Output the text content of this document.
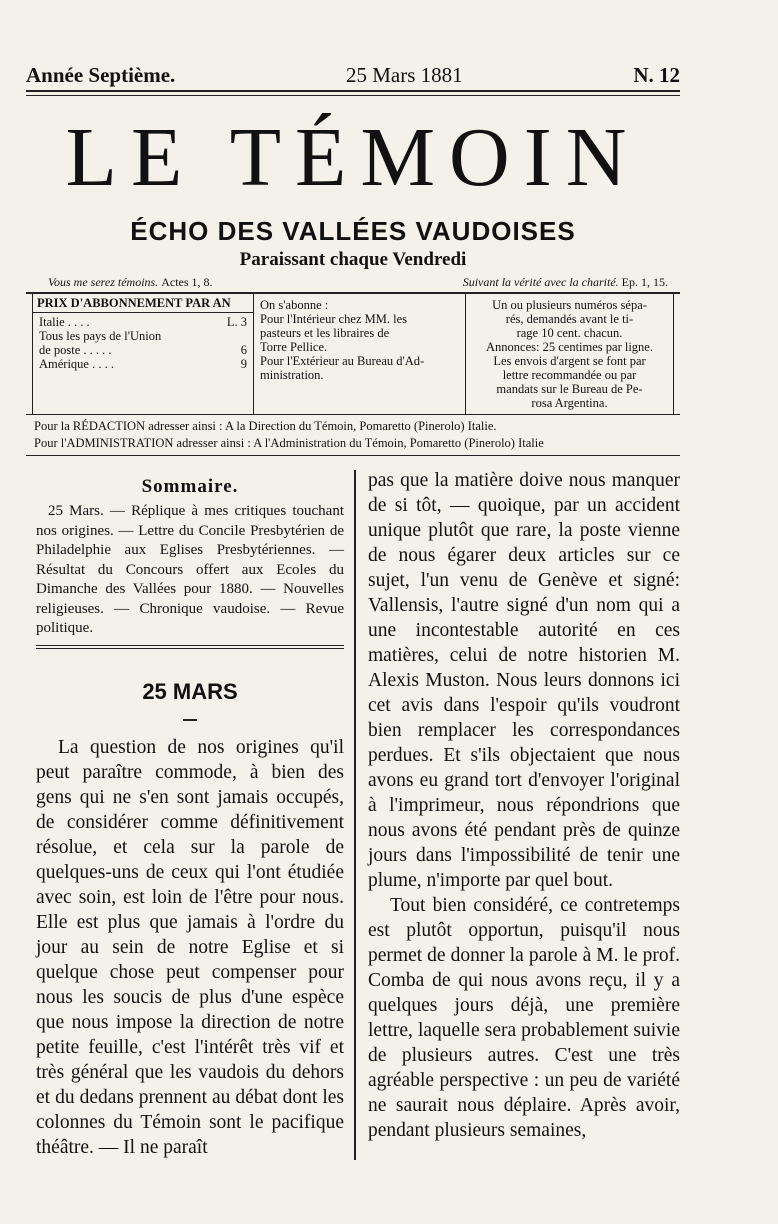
Année Septième.	25 Mars 1881	N. 12
LE TÉMOIN
ÉCHO DES VALLÉES VAUDOISES
Paraissant chaque Vendredi
Vous me serez témoins. Actes 1, 8.	Suivant la vérité avec la charité. Ep. 1, 15.
PRIX D'ABBONNEMENT PAR AN
Italie . . . .	L. 3
Tous les pays de l'Union
de poste . . . . .	6
Amérique . . . .	9
On s'abonne :
Pour l'Intérieur chez MM. les
pasteurs et les libraires de
Torre Pellice.
Pour l'Extérieur au Bureau d'Ad-
ministration.
Un ou plusieurs numéros sépa-
rés, demandés avant le ti-
rage 10 cent. chacun.
Annonces: 25 centimes par ligne.
Les envois d'argent se font par
lettre recommandée ou par
mandats sur le Bureau de Pe-
rosa Argentina.
Pour la RÉDACTION adresser ainsi : A la Direction du Témoin, Pomaretto (Pinerolo) Italie.
Pour l'ADMINISTRATION adresser ainsi : A l'Administration du Témoin, Pomaretto (Pinerolo) Italie
Sommaire.

25 Mars. — Réplique à mes critiques touchant nos origines. — Lettre du Concile Presbytérien de Philadelphie aux Eglises Presbytériennes. — Résultat du Concours offert aux Ecoles du Dimanche des Vallées pour 1880. — Nouvelles religieuses. — Chronique vaudoise. — Revue politique.

25 MARS

La question de nos origines qu'il peut paraître commode, à bien des gens qui ne s'en sont jamais occupés, de considérer comme définitivement résolue, et cela sur la parole de quelques-uns de ceux qui l'ont étudiée avec soin, est loin de l'être pour nous. Elle est plus que jamais à l'ordre du jour au sein de notre Eglise et si quelque chose peut compenser pour nous les soucis de plus d'une espèce que nous impose la direction de notre petite feuille, c'est l'intérêt très vif et très général que les vaudois du dehors et du dedans prennent au débat dont les colonnes du Témoin sont le pacifique théâtre. — Il ne paraît

pas que la matière doive nous manquer de si tôt, — quoique, par un accident unique plutôt que rare, la poste vienne de nous égarer deux articles sur ce sujet, l'un venu de Genève et signé: Vallensis, l'autre signé d'un nom qui a une incontestable autorité en ces matières, celui de notre historien M. Alexis Muston. Nous leurs donnons ici cet avis dans l'espoir qu'ils voudront bien remplacer les correspondances perdues. Et s'ils objectaient que nous avons eu grand tort d'envoyer l'original à l'imprimeur, nous répondrions que nous avons été pendant près de quinze jours dans l'impossibilité de tenir une plume, n'importe par quel bout.

Tout bien considéré, ce contretemps est plutôt opportun, puisqu'il nous permet de donner la parole à M. le prof. Comba de qui nous avons reçu, il y a quelques jours déjà, une première lettre, laquelle sera probablement suivie de plusieurs autres. C'est une très agréable perspective : un peu de variété ne saurait nous déplaire. Après avoir, pendant plusieurs semaines,
